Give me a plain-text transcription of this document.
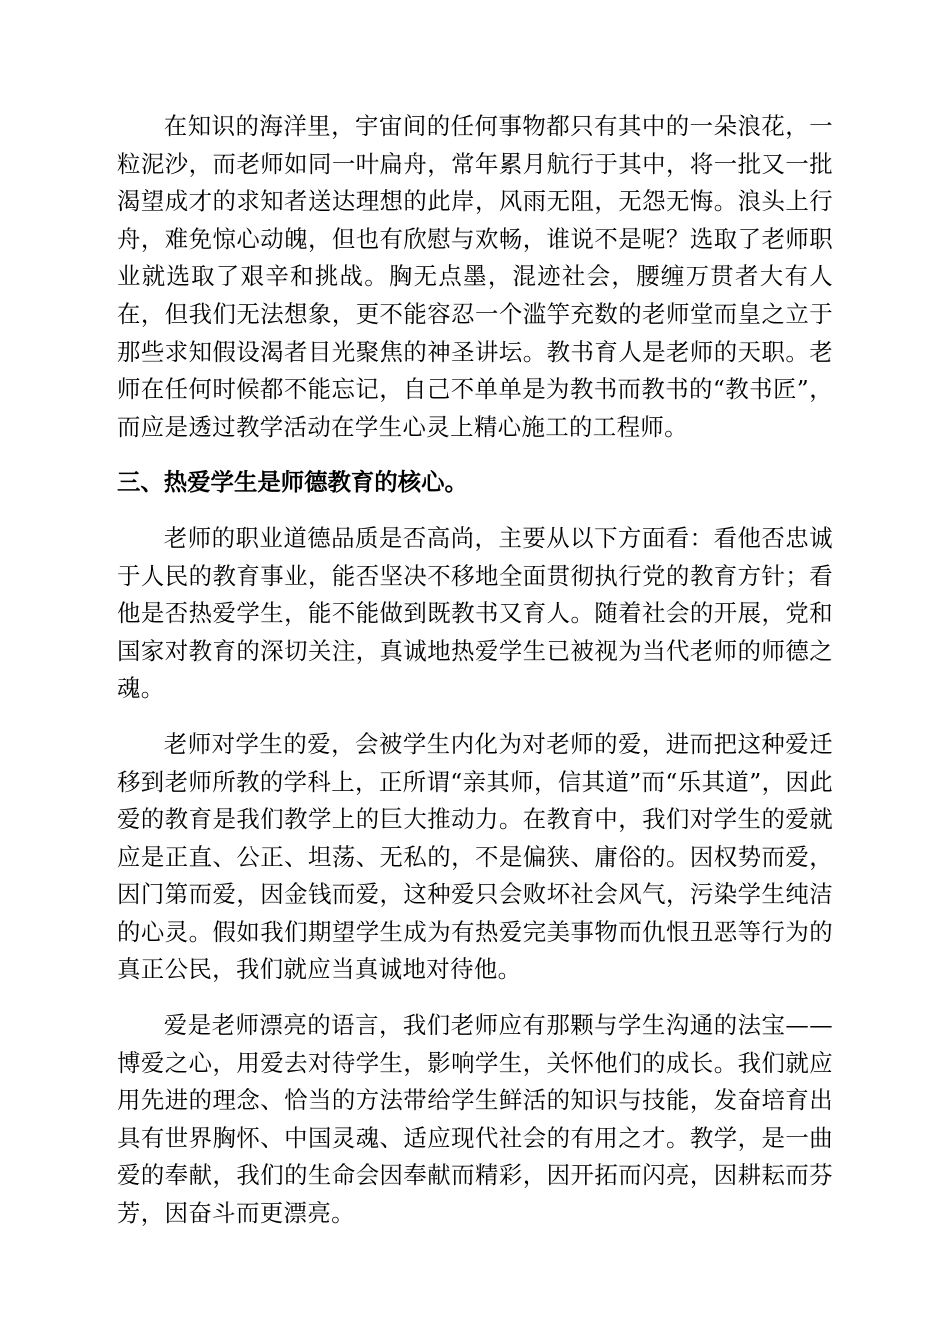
在知识的海洋里，宇宙间的任何事物都只有其中的一朵浪花，一粒泥沙，而老师如同一叶扁舟，常年累月航行于其中，将一批又一批渴望成才的求知者送达理想的此岸，风雨无阻，无怨无悔。浪头上行舟，难免惊心动魄，但也有欣慰与欢畅，谁说不是呢？选取了老师职业就选取了艰辛和挑战。胸无点墨，混迹社会，腰缠万贯者大有人在，但我们无法想象，更不能容忍一个滥竽充数的老师堂而皇之立于那些求知假设渴者目光聚焦的神圣讲坛。教书育人是老师的天职。老师在任何时候都不能忘记，自己不单单是为教书而教书的“教书匠”，而应是透过教学活动在学生心灵上精心施工的工程师。

三、热爱学生是师德教育的核心。

老师的职业道德品质是否高尚，主要从以下方面看：看他否忠诚于人民的教育事业，能否坚决不移地全面贯彻执行党的教育方针；看他是否热爱学生，能不能做到既教书又育人。随着社会的开展，党和国家对教育的深切关注，真诚地热爱学生已被视为当代老师的师德之魂。

老师对学生的爱，会被学生内化为对老师的爱，进而把这种爱迁移到老师所教的学科上，正所谓“亲其师，信其道”而“乐其道”，因此爱的教育是我们教学上的巨大推动力。在教育中，我们对学生的爱就应是正直、公正、坦荡、无私的，不是偏狭、庸俗的。因权势而爱，因门第而爱，因金钱而爱，这种爱只会败坏社会风气，污染学生纯洁的心灵。假如我们期望学生成为有热爱完美事物而仇恨丑恶等行为的真正公民，我们就应当真诚地对待他。

爱是老师漂亮的语言，我们老师应有那颗与学生沟通的法宝——博爱之心，用爱去对待学生，影响学生，关怀他们的成长。我们就应用先进的理念、恰当的方法带给学生鲜活的知识与技能，发奋培育出具有世界胸怀、中国灵魂、适应现代社会的有用之才。教学，是一曲爱的奉献，我们的生命会因奉献而精彩，因开拓而闪亮，因耕耘而芬芳，因奋斗而更漂亮。
